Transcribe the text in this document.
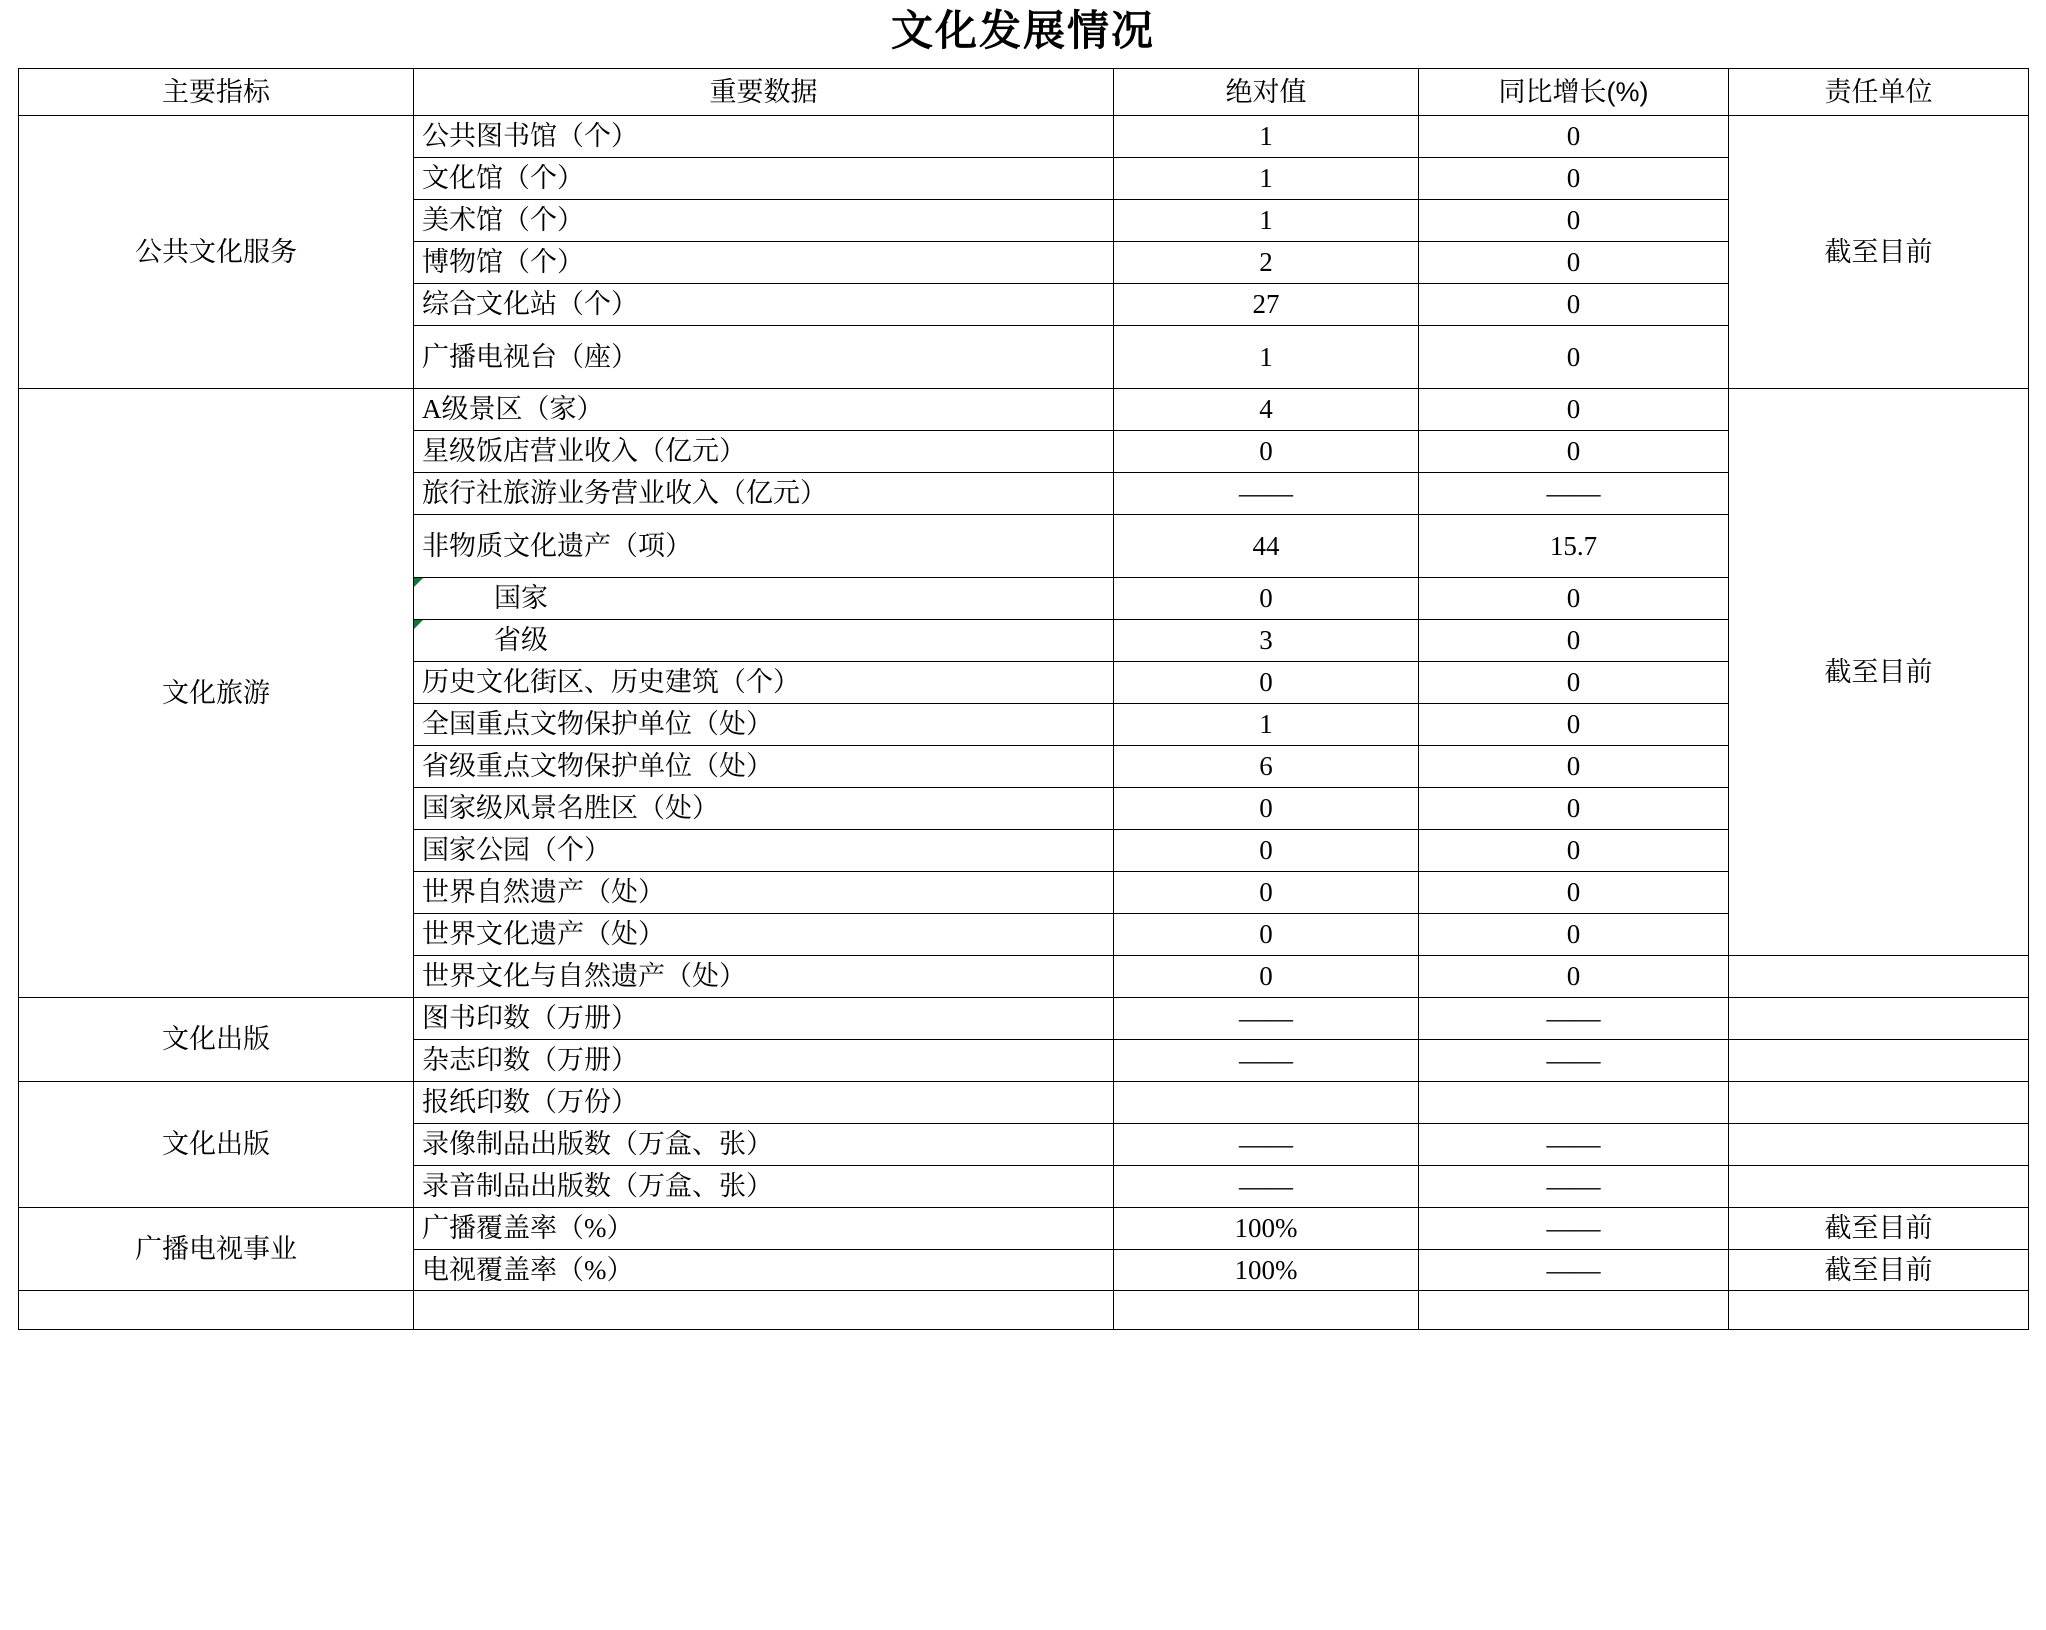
文化发展情况
主要指标	重要数据	绝对值	同比增长(%)	责任单位
公共文化服务	公共图书馆（个）	1	0	截至目前
	文化馆（个）	1	0	
	美术馆（个）	1	0	
	博物馆（个）	2	0	
	综合文化站（个）	27	0	
	广播电视台（座）	1	0	
文化旅游	A级景区（家）	4	0	截至目前
	星级饭店营业收入（亿元）	0	0	
	旅行社旅游业务营业收入（亿元）	——	——	
	非物质文化遗产（项）	44	15.7	
	国家	0	0	
	省级	3	0	
	历史文化街区、历史建筑（个）	0	0	
	全国重点文物保护单位（处）	1	0	
	省级重点文物保护单位（处）	6	0	
	国家级风景名胜区（处）	0	0	
	国家公园（个）	0	0	
	世界自然遗产（处）	0	0	
	世界文化遗产（处）	0	0	
	世界文化与自然遗产（处）	0	0	
文化出版	图书印数（万册）	——	——	
	杂志印数（万册）	——	——	
文化出版	报纸印数（万份）			
	录像制品出版数（万盒、张）	——	——	
	录音制品出版数（万盒、张）	——	——	
广播电视事业	广播覆盖率（%）	100%	——	截至目前
	电视覆盖率（%）	100%	——	截至目前
